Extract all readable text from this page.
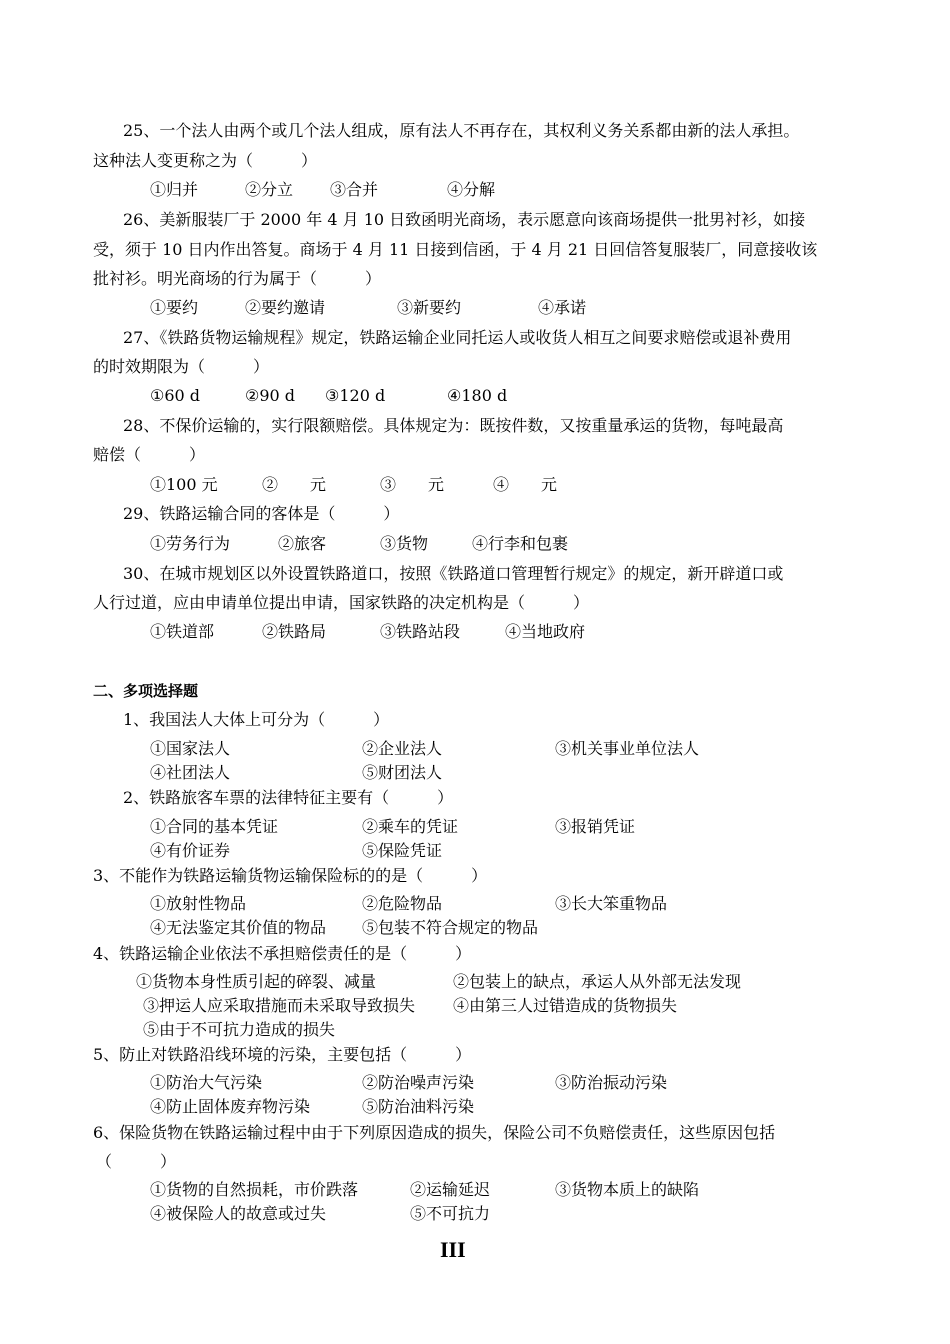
25、一个法人由两个或几个法人组成，原有法人不再存在，其权利义务关系都由新的法人承担。
这种法人变更称之为（　　　）
①归并	②分立 ③合并	④分解
26、美新服装厂于 2000 年 4 月 10 日致函明光商场，表示愿意向该商场提供一批男衬衫，如接
受，须于 10 日内作出答复。商场于 4 月 11 日接到信函，于 4 月 21 日回信答复服装厂，同意接收该
批衬衫。明光商场的行为属于（　　　）
①要约	②要约邀请	③新要约	④承诺
27、《铁路货物运输规程》规定，铁路运输企业同托运人或收货人相互之间要求赔偿或退补费用
的时效期限为（　　　）
①60 d	②90 d ③120 d	④180 d
28、不保价运输的，实行限额赔偿。具体规定为：既按件数，又按重量承运的货物，每吨最高
赔偿（　　　）
①100 元	②　　元	③　　元	④　　元
29、铁路运输合同的客体是（　　　）
①劳务行为	②旅客	③货物	④行李和包裹
30、在城市规划区以外设置铁路道口，按照《铁路道口管理暂行规定》的规定，新开辟道口或
人行过道，应由申请单位提出申请，国家铁路的决定机构是（　　　）
①铁道部	②铁路局	③铁路站段	④当地政府
二、多项选择题
1、我国法人大体上可分为（　　　）
①国家法人	②企业法人	③机关事业单位法人
④社团法人	⑤财团法人
2、铁路旅客车票的法律特征主要有（　　　）
①合同的基本凭证	②乘车的凭证	③报销凭证
④有价证券	⑤保险凭证
3、不能作为铁路运输货物运输保险标的的是（　　　）
①放射性物品	②危险物品	③长大笨重物品
④无法鉴定其价值的物品 ⑤包装不符合规定的物品
4、铁路运输企业依法不承担赔偿责任的是（　　　）
①货物本身性质引起的碎裂、减量	②包装上的缺点，承运人从外部无法发现
③押运人应采取措施而未采取导致损失 ④由第三人过错造成的货物损失
⑤由于不可抗力造成的损失
5、防止对铁路沿线环境的污染，主要包括（　　　）
①防治大气污染	②防治噪声污染	③防治振动污染
④防止固体废弃物污染	⑤防治油料污染
6、保险货物在铁路运输过程中由于下列原因造成的损失，保险公司不负赔偿责任，这些原因包括
（　　　）
①货物的自然损耗，市价跌落	②运输延迟	③货物本质上的缺陷
④被保险人的故意或过失	⑤不可抗力
III
